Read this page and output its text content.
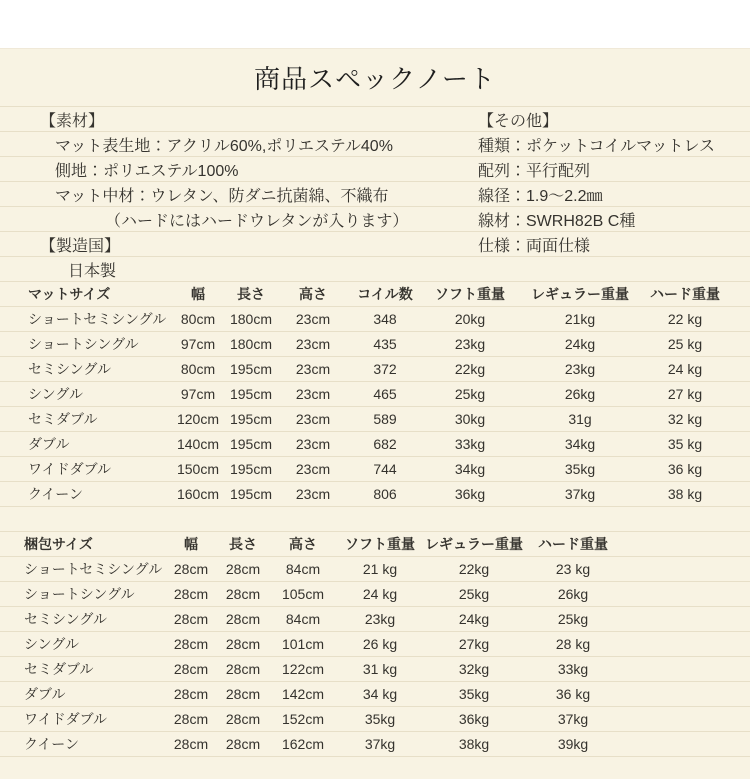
商品スペックノート
【素材】	【その他】
マット表生地：アクリル60%,ポリエステル40%	種類：ポケットコイルマットレス
側地：ポリエステル100%	配列：平行配列
マット中材：ウレタン、防ダニ抗菌綿、不織布	線径：1.9～2.2㎜
（ハードにはハードウレタンが入ります）	線材：SWRH82B C種
【製造国】	仕様：両面仕様
日本製
マットサイズ	幅	長さ	高さ	コイル数	ソフト重量	レギュラー重量	ハード重量
ショートセミシングル	80cm	180cm	23cm	348	20kg	21kg	22 kg
ショートシングル	97cm	180cm	23cm	435	23kg	24kg	25 kg
セミシングル	80cm	195cm	23cm	372	22kg	23kg	24 kg
シングル	97cm	195cm	23cm	465	25kg	26kg	27 kg
セミダブル	120cm 195cm	23cm	589	30kg	31g	32 kg
ダブル	140cm 195cm	23cm	682	33kg	34kg	35 kg
ワイドダブル	150cm 195cm	23cm	744	34kg	35kg	36 kg
クイーン	160cm 195cm	23cm	806	36kg	37kg	38 kg
梱包サイズ	幅	長さ	高さ	ソフト重量 レギュラー重量	ハード重量
ショートセミシングル 28cm	28cm	84cm	21 kg	22kg	23 kg
ショートシングル	28cm	28cm	105cm	24 kg	25kg	26kg
セミシングル	28cm	28cm	84cm	23kg	24kg	25kg
シングル	28cm	28cm	101cm	26 kg	27kg	28 kg
セミダブル	28cm	28cm	122cm	31 kg	32kg	33kg
ダブル	28cm	28cm	142cm	34 kg	35kg	36 kg
ワイドダブル	28cm	28cm	152cm	35kg	36kg	37kg
クイーン	28cm	28cm	162cm	37kg	38kg	39kg
